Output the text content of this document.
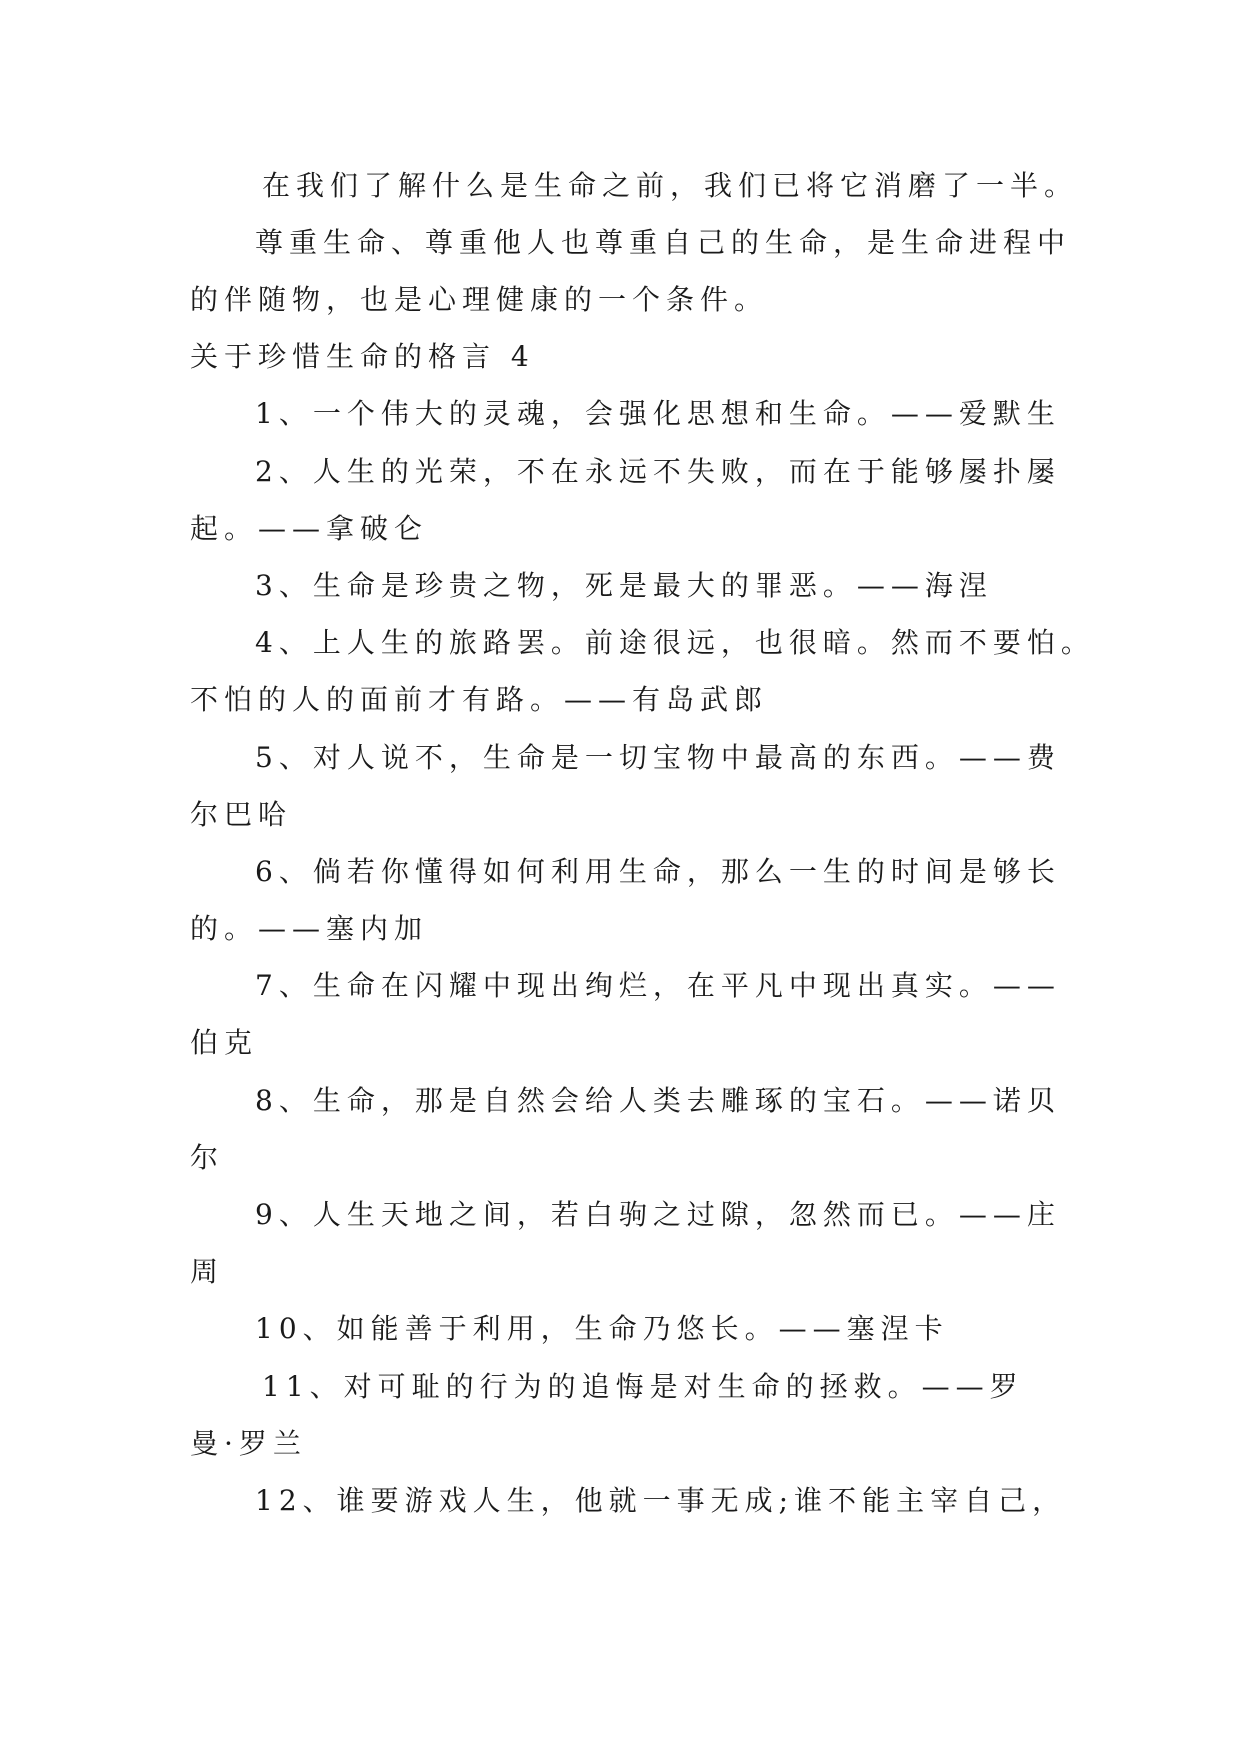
在我们了解什么是生命之前，我们已将它消磨了一半。
尊重生命、尊重他人也尊重自己的生命，是生命进程中
的伴随物，也是心理健康的一个条件。
关于珍惜生命的格言 4
1、一个伟大的灵魂，会强化思想和生命。——爱默生
2、人生的光荣，不在永远不失败，而在于能够屡扑屡
起。——拿破仑
3、生命是珍贵之物，死是最大的罪恶。——海涅
4、上人生的旅路罢。前途很远，也很暗。然而不要怕。
不怕的人的面前才有路。——有岛武郎
5、对人说不，生命是一切宝物中最高的东西。——费
尔巴哈
6、倘若你懂得如何利用生命，那么一生的时间是够长
的。——塞内加
7、生命在闪耀中现出绚烂，在平凡中现出真实。——
伯克
8、生命，那是自然会给人类去雕琢的宝石。——诺贝
尔
9、人生天地之间，若白驹之过隙，忽然而已。——庄
周
10、如能善于利用，生命乃悠长。——塞涅卡
11、对可耻的行为的追悔是对生命的拯救。——罗
曼·罗兰
12、谁要游戏人生，他就一事无成;谁不能主宰自己，
